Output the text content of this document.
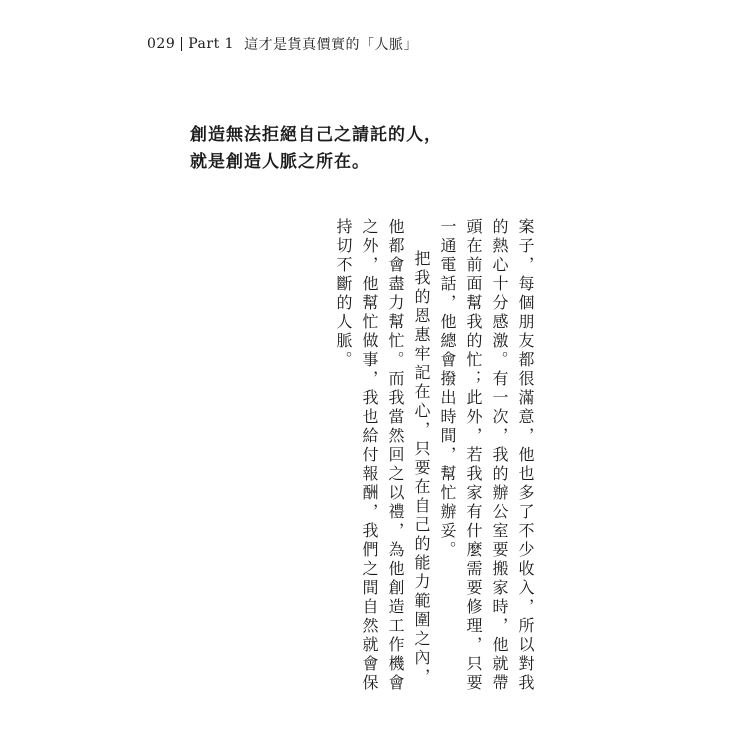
029 Part 1 這才是貨真價實的「人脈」
創造無法拒絕自己之請託的人，
就是創造人脈之所在。

案子，每個朋友都很滿意，他也多了不少收入，所以對我的熱心十分感激。有一次，我的辦公室要搬家時，他就帶頭在前面幫我的忙；此外，若我家有什麼需要修理，只要一通電話，他總會撥出時間，幫忙辦妥。

把我的恩惠牢記在心，只要在自己的能力範圍之內，他都會盡力幫忙。而我當然回之以禮，為他創造工作機會之外，他幫忙做事，我也給付報酬，我們之間自然就會保持切不斷的人脈。
